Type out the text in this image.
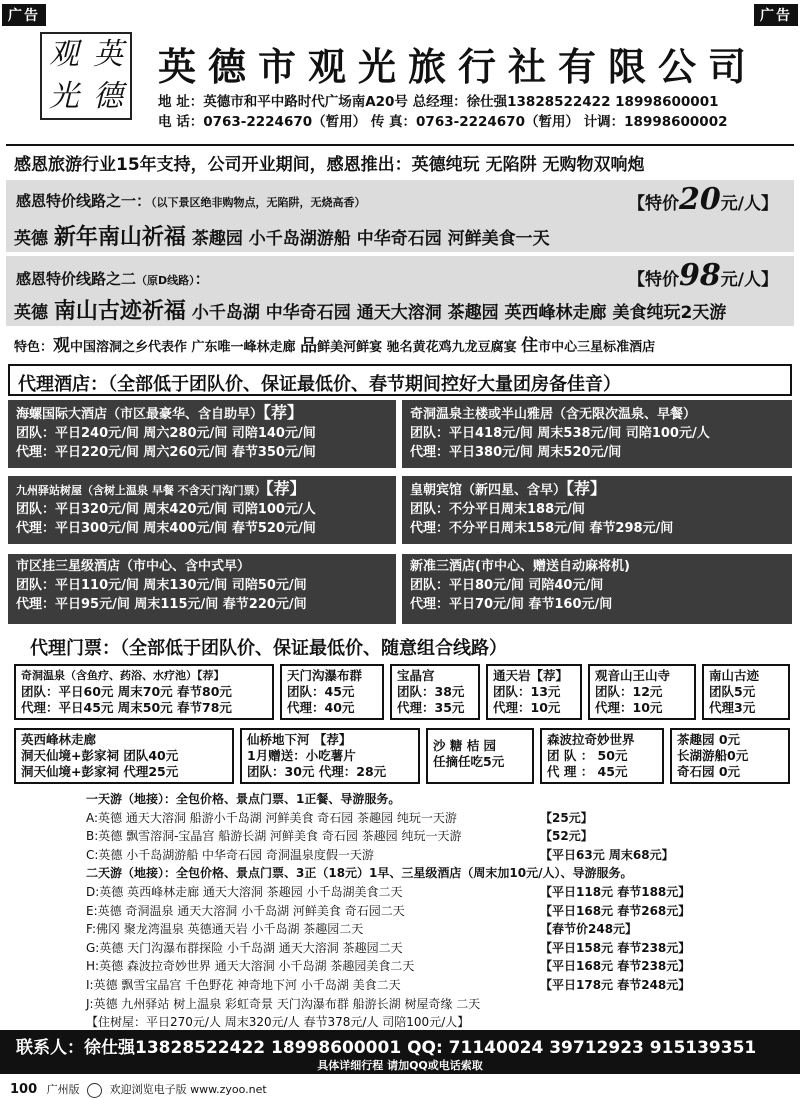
广告	广告
观 英
光 德
英德市观光旅行社有限公司
地 址：英德市和平中路时代广场南A20号 总经理：徐仕强13828522422 18998600001
电 话：0763-2224670（暂用） 传 真：0763-2224670（暂用） 计调：18998600002
感恩旅游行业15年支持，公司开业期间，感恩推出：英德纯玩 无陷阱 无购物双响炮
感恩特价线路之一：（以下景区绝非购物点，无陷阱，无烧高香）	【特价20元/人】
英德 新年南山祈福 茶趣园 小千岛湖游船 中华奇石园 河鲜美食一天
感恩特价线路之二（原D线路）：	【特价98元/人】
英德 南山古迹祈福 小千岛湖 中华奇石园 通天大溶洞 茶趣园 英西峰林走廊 美食纯玩2天游
特色：观中国溶洞之乡代表作 广东唯一峰林走廊 品鲜美河鲜宴 驰名黄花鸡九龙豆腐宴 住市中心三星标准酒店
代理酒店：（全部低于团队价、保证最低价、春节期间控好大量团房备佳音）
海螺国际大酒店（市区最豪华、含自助早）【荐】
团队：平日240元/间 周六280元/间 司陪140元/间
代理：平日220元/间 周六260元/间 春节350元/间
奇洞温泉主楼或半山雅居（含无限次温泉、早餐）
团队：平日418元/间 周末538元/间 司陪100元/人
代理：平日380元/间 周末520元/间
九州驿站树屋（含树上温泉 早餐 不含天门沟门票）【荐】
团队：平日320元/间 周末420元/间 司陪100元/人
代理：平日300元/间 周末400元/间 春节520元/间
皇朝宾馆（新四星、含早）【荐】
团队：不分平日周末188元/间
代理：不分平日周末158元/间 春节298元/间
市区挂三星级酒店（市中心、含中式早）
团队：平日110元/间 周末130元/间 司陪50元/间
代理：平日95元/间 周末115元/间 春节220元/间
新准三酒店(市中心、赠送自动麻将机)
团队：平日80元/间 司陪40元/间
代理：平日70元/间 春节160元/间
代理门票：（全部低于团队价、保证最低价、随意组合线路）
奇洞温泉（含鱼疗、药浴、水疗池）【荐】
团队：平日60元 周末70元 春节80元
代理：平日45元 周末50元 春节78元
天门沟瀑布群
团队：45元
代理：40元
宝晶宫
团队：38元
代理：35元
通天岩【荐】
团队：13元
代理：10元
观音山王山寺
团队：12元
代理：10元
南山古迹
团队5元
代理3元
英西峰林走廊
洞天仙境+彭家祠 团队40元
洞天仙境+彭家祠 代理25元
仙桥地下河 【荐】
1月赠送：小吃薯片
团队：30元 代理：28元
沙 糖 桔 园
任摘任吃5元
森波拉奇妙世界
团 队 ： 50元
代 理 ： 45元
茶趣园 0元
长湖游船0元
奇石园 0元
一天游（地接）：全包价格、景点门票、1正餐、导游服务。
A:英德 通天大溶洞 船游小千岛湖 河鲜美食 奇石园 茶趣园 纯玩一天游	【25元】
B:英德 飘雪溶洞-宝晶宫 船游长湖 河鲜美食 奇石园 茶趣园 纯玩一天游	【52元】
C:英德 小千岛湖游船 中华奇石园 奇洞温泉度假一天游	【平日63元 周末68元】
二天游（地接）：全包价格、景点门票、3正（18元）1早、三星级酒店（周末加10元/人）、导游服务。
D:英德 英西峰林走廊 通天大溶洞 茶趣园 小千岛湖美食二天	【平日118元 春节188元】
E:英德 奇洞温泉 通天大溶洞 小千岛湖 河鲜美食 奇石园二天	【平日168元 春节268元】
F:佛冈 聚龙湾温泉 英德通天岩 小千岛湖 茶趣园二天	【春节价248元】
G:英德 天门沟瀑布群探险 小千岛湖 通天大溶洞 茶趣园二天	【平日158元 春节238元】
H:英德 森波拉奇妙世界 通天大溶洞 小千岛湖 茶趣园美食二天	【平日168元 春节238元】
I:英德 飘雪宝晶宫 千色野花 神奇地下河 小千岛湖 美食二天	【平日178元 春节248元】
J:英德 九州驿站 树上温泉 彩虹奇景 天门沟瀑布群 船游长湖 树屋奇缘 二天
【住树屋：平日270元/人 周末320元/人 春节378元/人 司陪100元/人】
联系人：徐仕强13828522422 18998600001 QQ: 71140024 39712923 915139351
具体详细行程 请加QQ或电话索取
100 广州版	欢迎浏览电子版 www.zyoo.net
